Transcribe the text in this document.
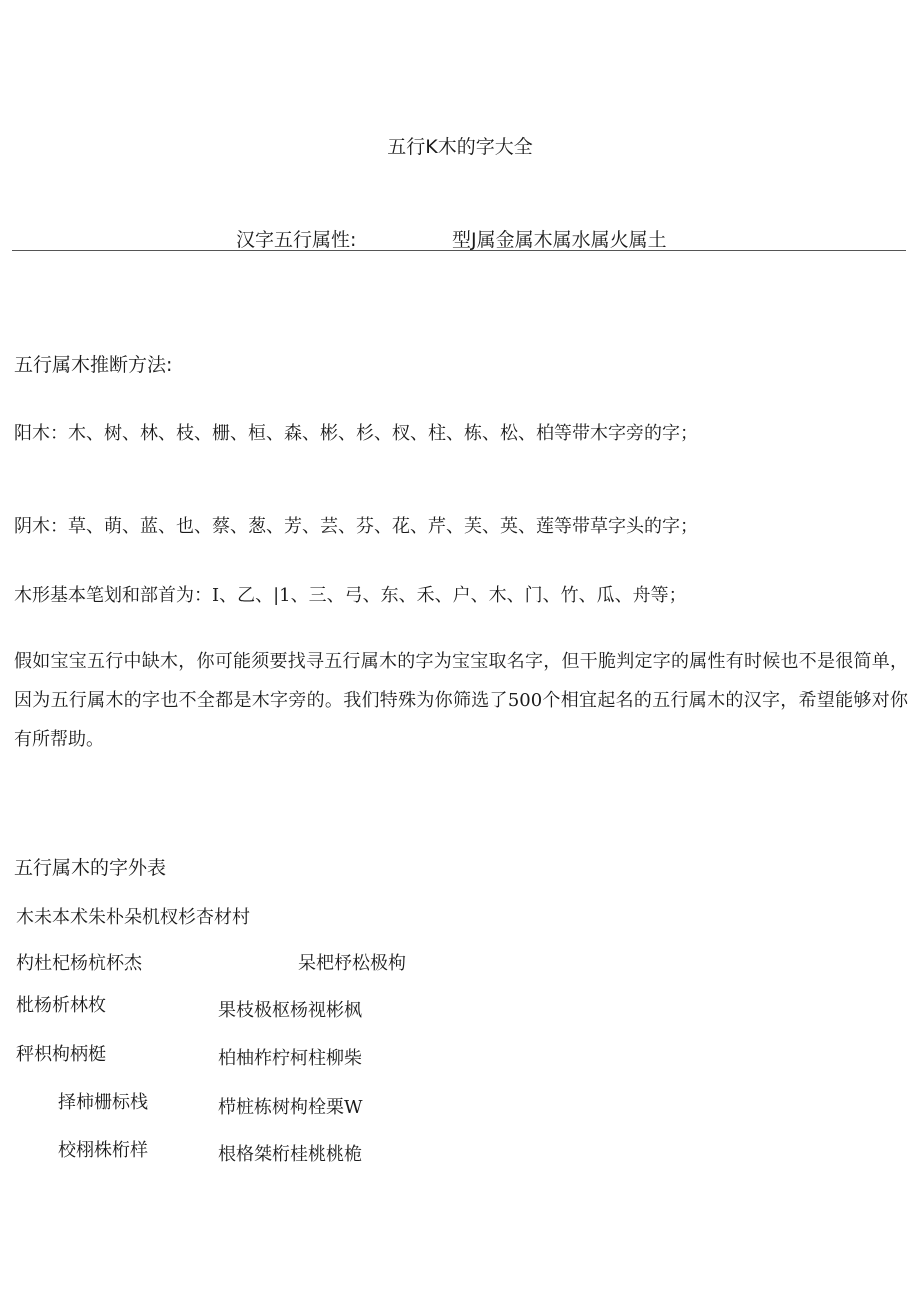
五行K木的字大全
汉字五行属性:	型J属金属木属水属火属土
五行属木推断方法:
阳木：木、树、林、枝、栅、桓、森、彬、杉、杈、柱、栋、松、柏等带木字旁的字；
阴木：草、萌、蓝、也、蔡、葱、芳、芸、芬、花、芹、芙、英、莲等带草字头的字；
木形基本笔划和部首为：I、乙、|1、三、弓、东、禾、户、木、门、竹、瓜、舟等；
假如宝宝五行中缺木，你可能须要找寻五行属木的字为宝宝取名字，但干脆判定字的属性有时候也不是很简单，因为五行属木的字也不全都是木字旁的。我们特殊为你筛选了500个相宜起名的五行属木的汉字，希望能够对你有所帮助。
五行属木的字外表
木未本术朱朴朵机杈杉杏材村
杓杜杞杨杭杯杰	呆杷杼松极枸
枇杨析林枚	果枝极枢杨视彬枫
秤枳枸柄梃	柏柚柞柠柯柱柳柴
择柿栅标栈	栉桩栋树枸栓栗W
校栩株桁样	根格桀桁桂桃桃桅
